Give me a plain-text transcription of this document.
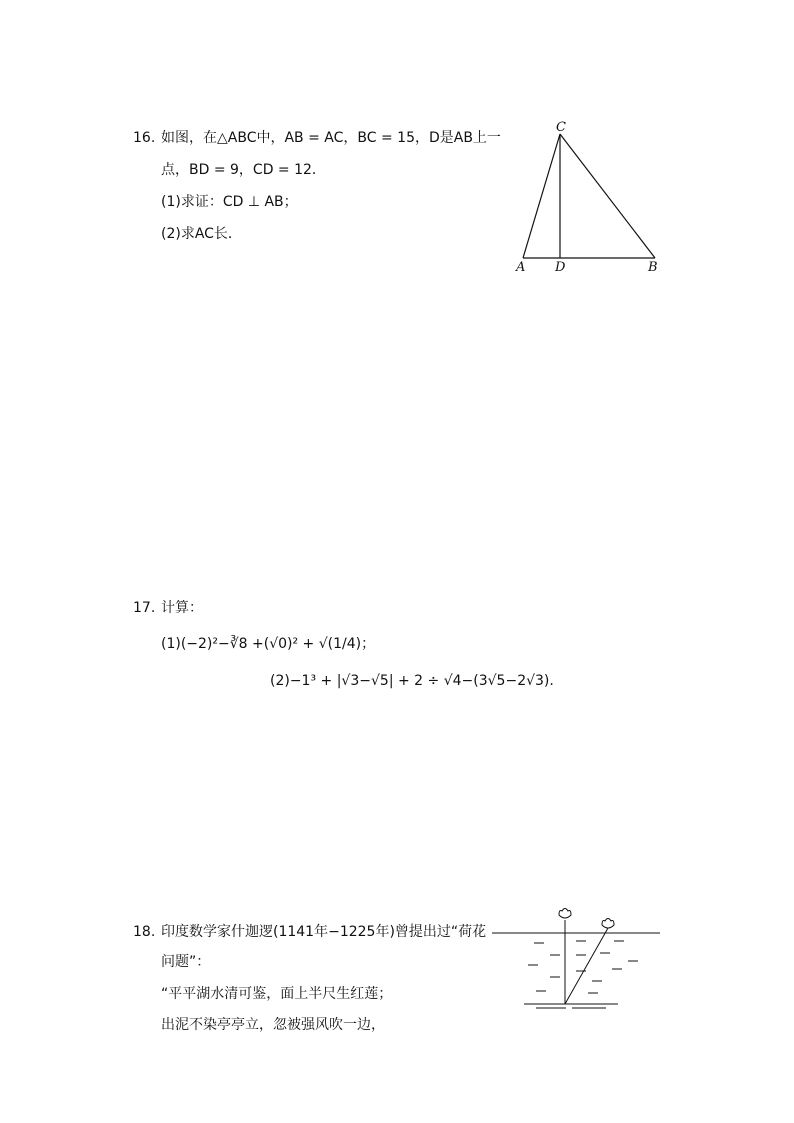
16. 如图，在△ABC中，AB = AC，BC = 15，D是AB上一
点，BD = 9，CD = 12．
(1)求证：CD ⊥ AB；
(2)求AC长．
C
A D	B
17. 计算：
(1)(−2)²−∛8 +(√0)² + √(1/4)；
(2)−1³ + |√3−√5| + 2 ÷ √4−(3√5−2√3).
18. 印度数学家什迦逻(1141年−1225年)曾提出过“荷花
问题”：
“平平湖水清可鉴，面上半尺生红莲；
出泥不染亭亭立，忽被强风吹一边，
